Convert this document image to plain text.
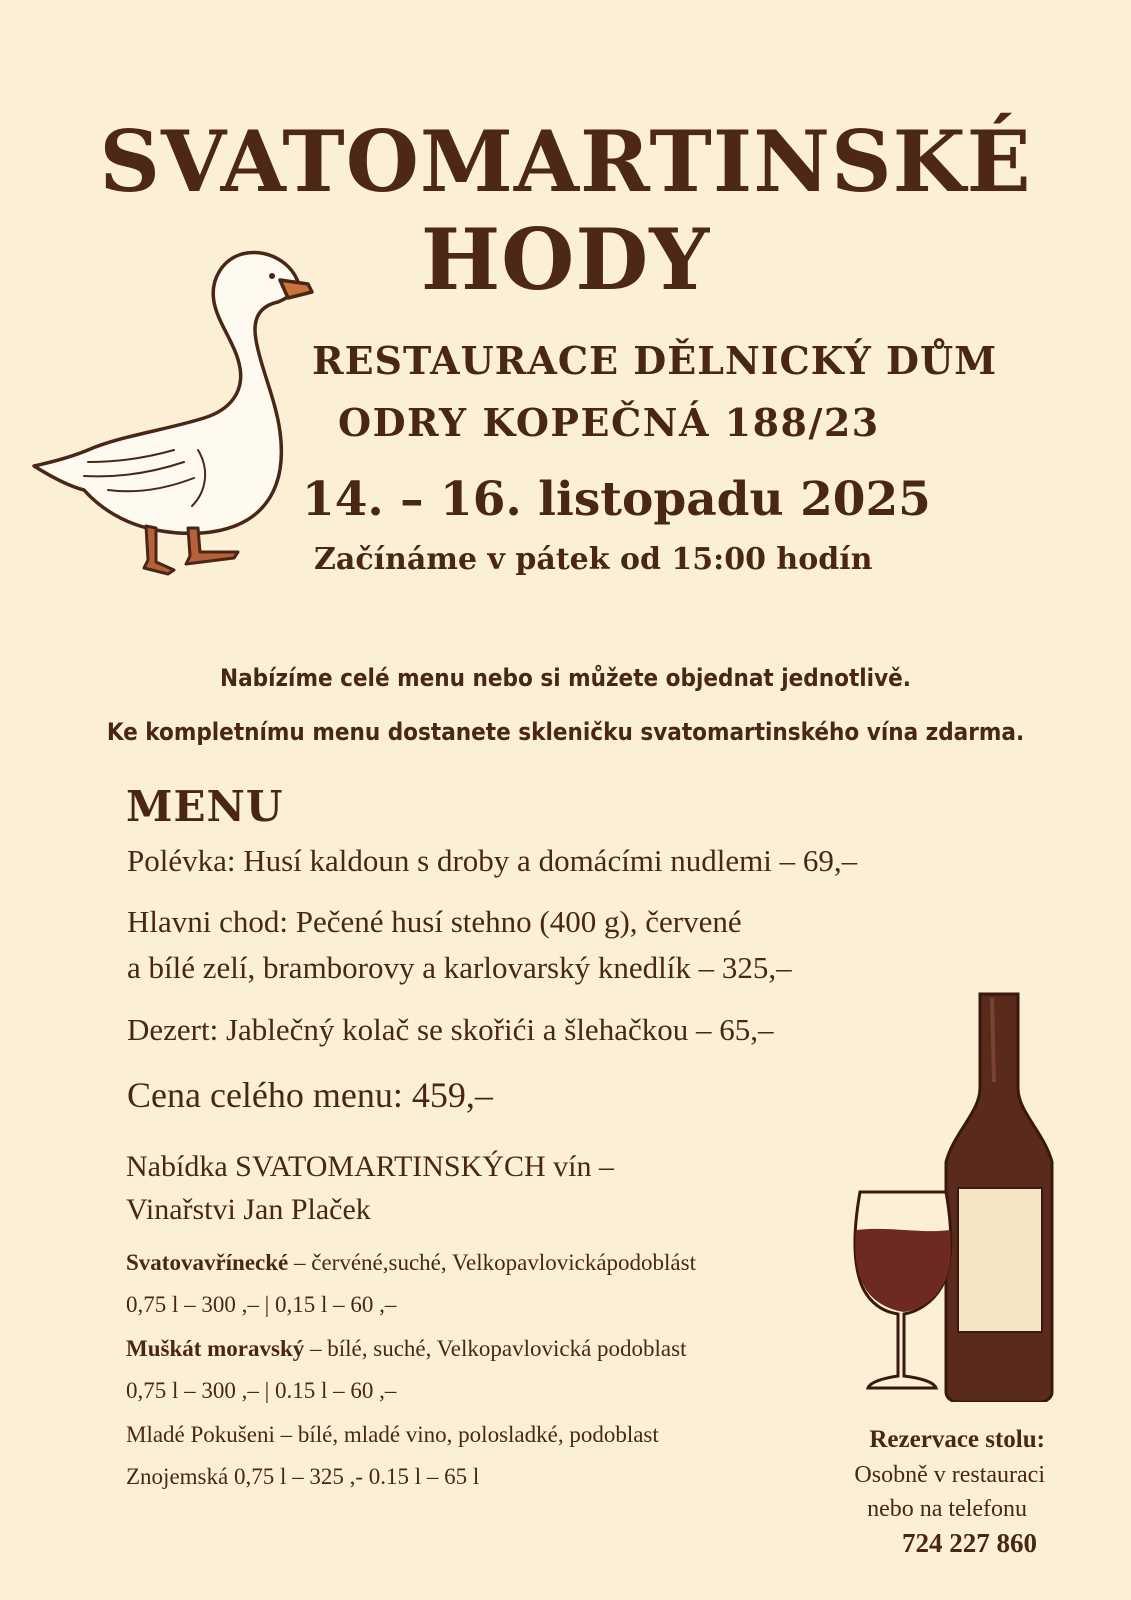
SVATOMARTINSKÉ
HODY
RESTAURACE DĚLNICKÝ DŮM
ODRY KOPEČNÁ 188/23
14. – 16. listopadu 2025
Začínáme v pátek od 15:00 hodín
Nabízíme celé menu nebo si můžete objednat jednotlivě.
Ke kompletnímu menu dostanete skleničku svatomartinského vína zdarma.
MENU
Polévka: Husí kaldoun s droby a domácími nudlemi – 69,–
Hlavni chod: Pečené husí stehno (400 g), červené
a bílé zelí, bramborovy a karlovarský knedlík – 325,–
Dezert: Jablečný kolač se skořići a šlehačkou – 65,–
Cena celého menu: 459,–
Nabídka SVATOMARTINSKÝCH vín –
Vinařstvi Jan Plaček
Svatovavřínecké – červéné,suché, Velkopavlovickápodoblást
0,75 l – 300 ,– | 0,15 l – 60 ,–
Muškát moravský – bílé, suché, Velkopavlovická podoblast
0,75 l – 300 ,– | 0.15 l – 60 ,–
Mladé Pokušeni – bílé, mladé vino, polosladké, podoblast
Znojemská 0,75 l – 325 ,- 0.15 l – 65 l
Rezervace stolu:
Osobně v restauraci
nebo na telefonu
724 227 860
